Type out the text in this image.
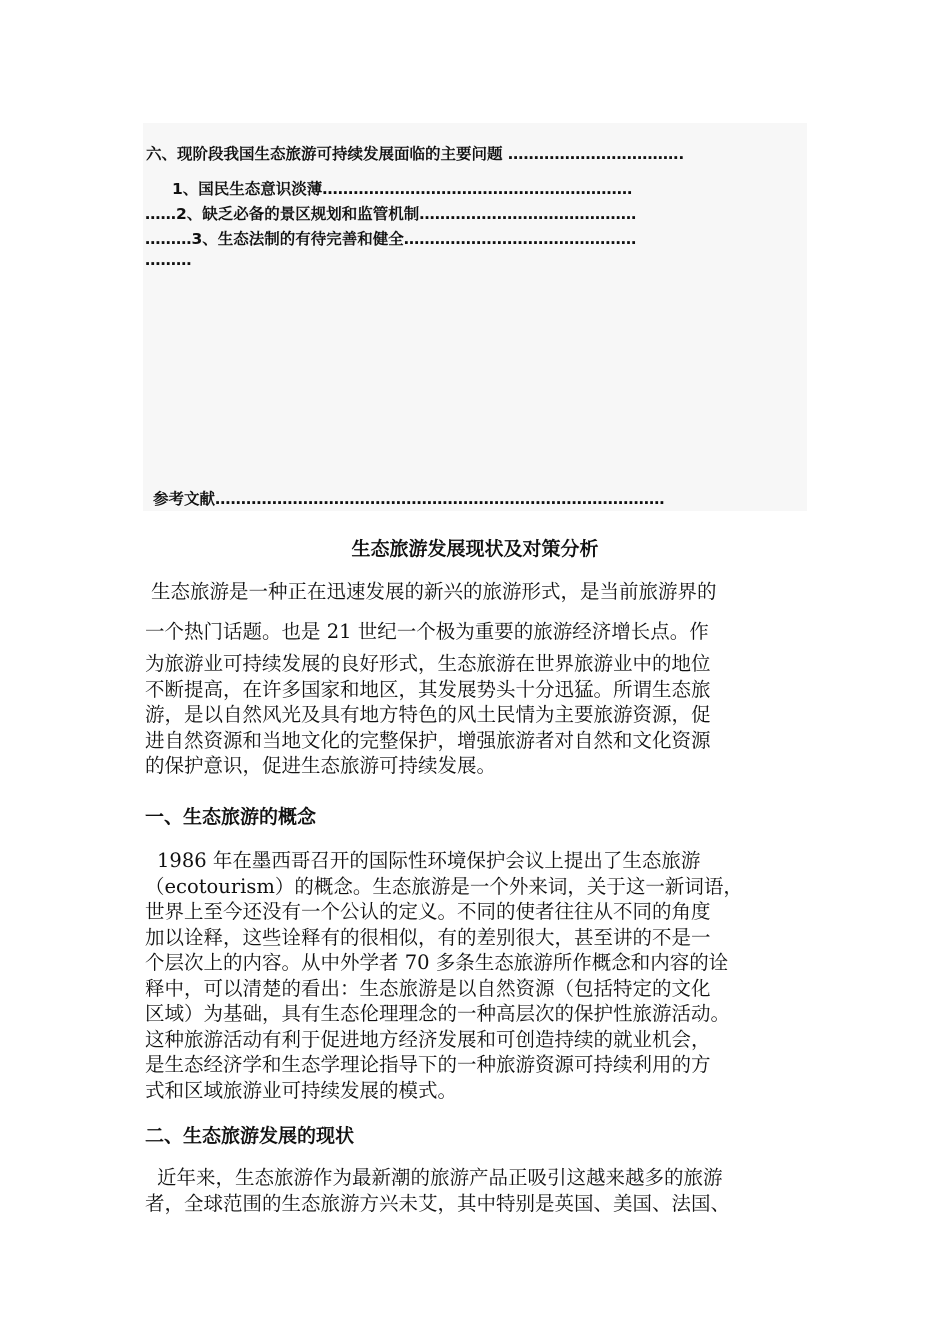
六、现阶段我国生态旅游可持续发展面临的主要问题 …………………………….
1、国民生态意识淡薄……………………………………………………
……2、缺乏必备的景区规划和监管机制……………………………………
………3、生态法制的有待完善和健全………………………………………
………
参考文献……………………………………………………………………………
生态旅游发展现状及对策分析
生态旅游是一种正在迅速发展的新兴的旅游形式，是当前旅游界的
一个热门话题。也是 21 世纪一个极为重要的旅游经济增长点。作
为旅游业可持续发展的良好形式，生态旅游在世界旅游业中的地位
不断提高，在许多国家和地区，其发展势头十分迅猛。所谓生态旅
游，是以自然风光及具有地方特色的风土民情为主要旅游资源，促
进自然资源和当地文化的完整保护，增强旅游者对自然和文化资源
的保护意识，促进生态旅游可持续发展。
一、生态旅游的概念
1986 年在墨西哥召开的国际性环境保护会议上提出了生态旅游
（ecotourism）的概念。生态旅游是一个外来词，关于这一新词语，
世界上至今还没有一个公认的定义。不同的使者往往从不同的角度
加以诠释，这些诠释有的很相似，有的差别很大，甚至讲的不是一
个层次上的内容。从中外学者 70 多条生态旅游所作概念和内容的诠
释中，可以清楚的看出：生态旅游是以自然资源（包括特定的文化
区域）为基础，具有生态伦理理念的一种高层次的保护性旅游活动。
这种旅游活动有利于促进地方经济发展和可创造持续的就业机会，
是生态经济学和生态学理论指导下的一种旅游资源可持续利用的方
式和区域旅游业可持续发展的模式。
二、生态旅游发展的现状
近年来，生态旅游作为最新潮的旅游产品正吸引这越来越多的旅游
者，全球范围的生态旅游方兴未艾，其中特别是英国、美国、法国、
